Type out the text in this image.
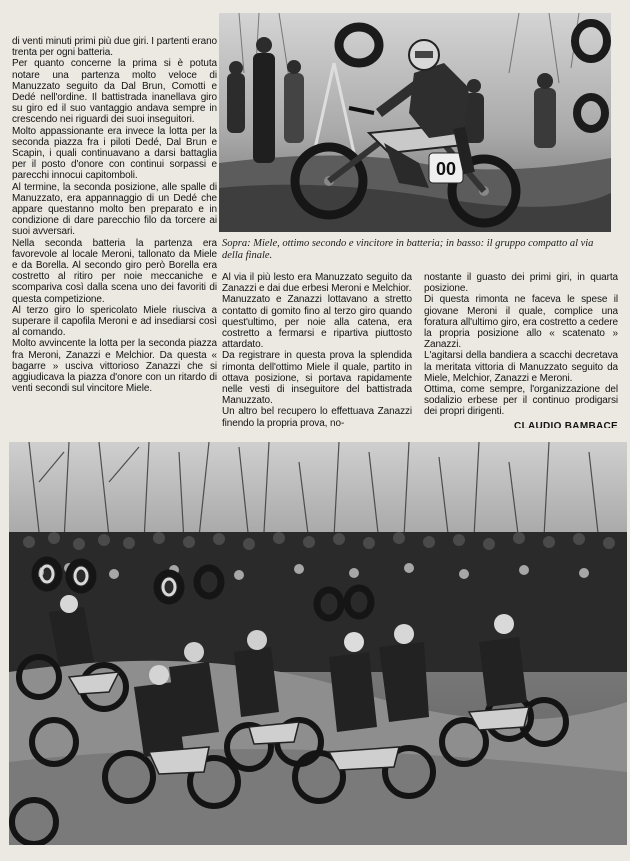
di venti minuti primi più due giri. I partenti erano trenta per ogni batteria.

Per quanto concerne la prima si è potuta notare una partenza molto veloce di Manuzzato seguito da Dal Brun, Comotti e Dedé nell'ordine. Il battistrada inanellava giro su giro ed il suo vantaggio andava sempre in crescendo nei riguardi dei suoi inseguitori.

Molto appassionante era invece la lotta per la seconda piazza fra i piloti Dedé, Dal Brun e Scapin, i quali continuavano a darsi battaglia per il posto d'onore con continui sorpassi e parecchi innocui capitomboli.

Al termine, la seconda posizione, alle spalle di Manuzzato, era appannaggio di un Dedé che appare questanno molto ben preparato e in condizione di dare parecchio filo da torcere ai suoi avversari.

Nella seconda batteria la partenza era favorevole al locale Meroni, tallonato da Miele e da Borella. Al secondo giro però Borella era costretto al ritiro per noie meccaniche e scompariva così dalla scena uno dei favoriti di questa competizione.

Al terzo giro lo spericolato Miele riusciva a superare il capofila Meroni e ad insediarsi così al comando.

Molto avvincente la lotta per la seconda piazza fra Meroni, Zanazzi e Melchior. Da questa « bagarre » usciva vittorioso Zanazzi che si aggiudicava la piazza d'onore con un ritardo di venti secondi sul vincitore Miele.

00
Sopra: Miele, ottimo secondo e vincitore in batteria; in basso: il gruppo compatto al via della finale.

Al via il più lesto era Manuzzato seguito da Zanazzi e dai due erbesi Meroni e Melchior.

Manuzzato e Zanazzi lottavano a stretto contatto di gomito fino al terzo giro quando quest'ultimo, per noie alla catena, era costretto a fermarsi e ripartiva piuttosto attardato.

Da registrare in questa prova la splendida rimonta dell'ottimo Miele il quale, partito in ottava posizione, si portava rapidamente nelle vesti di inseguitore del battistrada Manuzzato.

Un altro bel recupero lo effettuava Zanazzi finendo la propria prova, no-

nostante il guasto dei primi giri, in quarta posizione.

Di questa rimonta ne faceva le spese il giovane Meroni il quale, complice una foratura all'ultimo giro, era costretto a cedere la propria posizione allo « scatenato » Zanazzi.

L'agitarsi della bandiera a scacchi decretava la meritata vittoria di Manuzzato seguito da Miele, Melchior, Zanazzi e Meroni.

Ottima, come sempre, l'organizzazione del sodalizio erbese per il continuo prodigarsi dei propri dirigenti.

CLAUDIO BAMBACE
